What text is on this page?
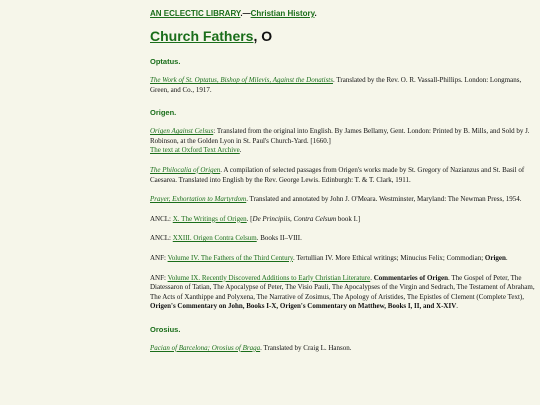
AN ECLECTIC LIBRARY.—Christian History.
Church Fathers, O
Optatus.

The Work of St. Optatus, Bishop of Milevis, Against the Donatists. Translated by the Rev. O. R. Vassall-Phillips. London: Longmans, Green, and Co., 1917.

Origen.

Origen Against Celsus: Translated from the original into English. By James Bellamy, Gent. London: Printed by B. Mills, and Sold by J. Robinson, at the Golden Lyon in St. Paul's Church-Yard. [1660.]
The text at Oxford Text Archive.

The Philocalia of Origen. A compilation of selected passages from Origen's works made by St. Gregory of Nazianzus and St. Basil of Caesarea. Translated into English by the Rev. George Lewis. Edinburgh: T. & T. Clark, 1911.

Prayer, Exhortation to Martyrdom. Translated and annotated by John J. O'Meara. Westminster, Maryland: The Newman Press, 1954.

ANCL: X. The Writings of Origen. [De Principiis, Contra Celsum book I.]

ANCL: XXIII. Origen Contra Celsum. Books II–VIII.

ANF: Volume IV. The Fathers of the Third Century. Tertullian IV. More Ethical writings; Minucius Felix; Commodian; Origen.

ANF: Volume IX. Recently Discovered Additions to Early Christian Literature. Commentaries of Origen. The Gospel of Peter, The Diatessaron of Tatian, The Apocalypse of Peter, The Visio Pauli, The Apocalypses of the Virgin and Sedrach, The Testament of Abraham, The Acts of Xanthippe and Polyxena, The Narrative of Zosimus, The Apology of Aristides, The Epistles of Clement (Complete Text), Origen's Commentary on John, Books I-X, Origen's Commentary on Matthew, Books I, II, and X-XIV.

Orosius.

Pacian of Barcelona; Orosius of Braga. Translated by Craig L. Hanson.
